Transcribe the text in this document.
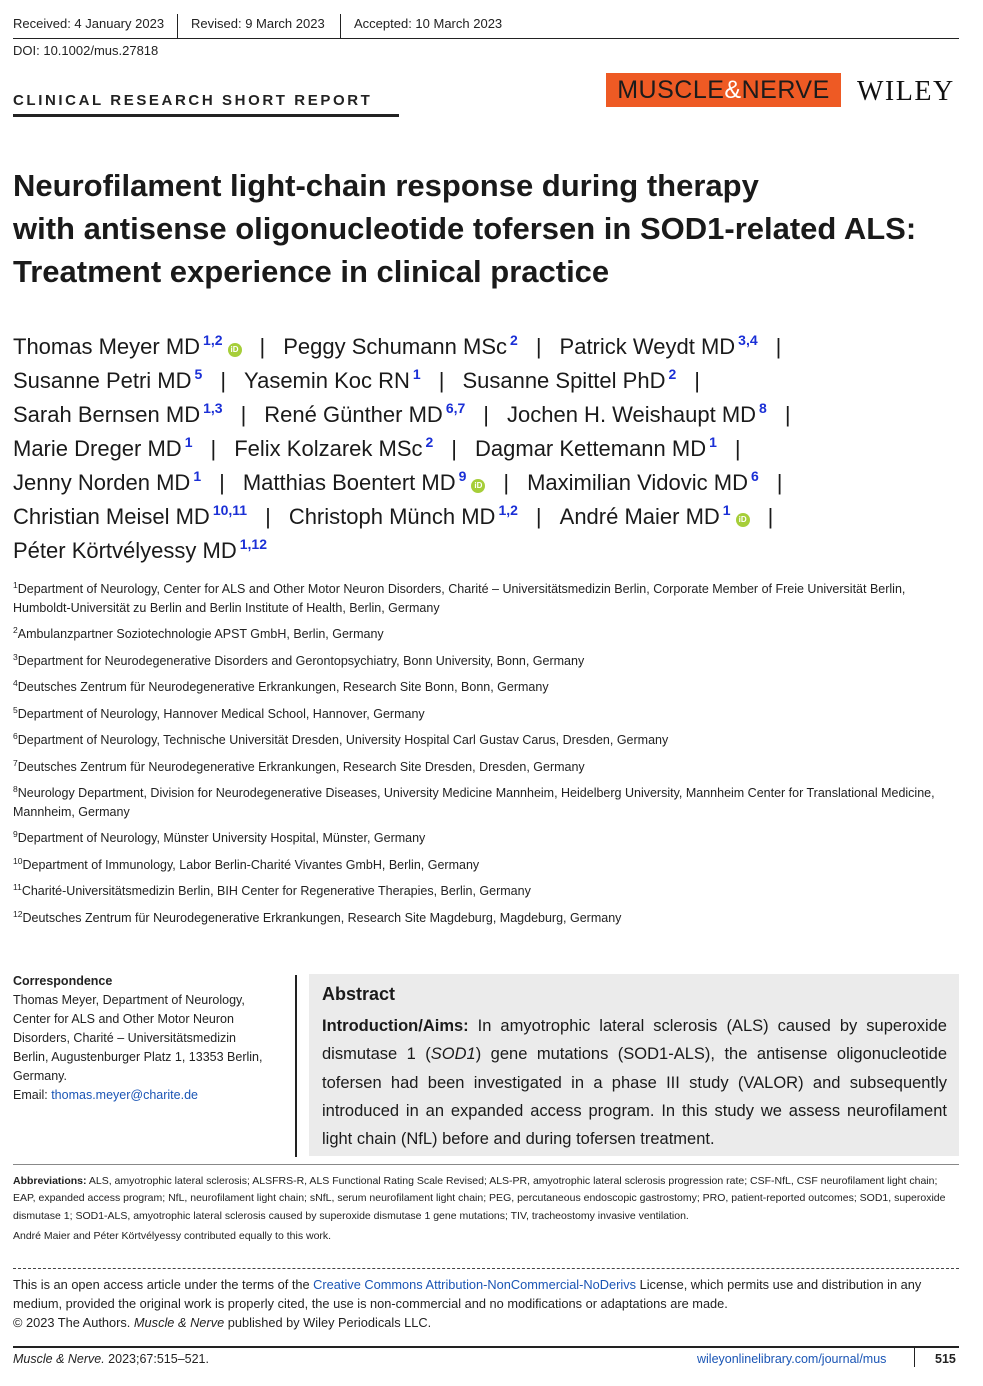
Received: 4 January 2023 Revised: 9 March 2023 Accepted: 10 March 2023
DOI: 10.1002/mus.27818
CLINICAL RESEARCH SHORT REPORT	MUSCLE&NERVE WILEY
Neurofilament light-chain response during therapy
with antisense oligonucleotide tofersen in SOD1-related ALS:
Treatment experience in clinical practice
Thomas Meyer MD $^{1,2}$iD | Peggy Schumann MSc $^2$ | Patrick Weydt MD $^{3,4}$ |
Susanne Petri MD $^5$ | Yasemin Koc RN $^1$ | Susanne Spittel PhD $^2$ |
Sarah Bernsen MD $^{1,3}$ | René Günther MD $^{6,7}$ | Jochen H. Weishaupt MD $^8$ |
Marie Dreger MD $^1$ | Felix Kolzarek MSc $^2$ | Dagmar Kettemann MD $^1$ |
Jenny Norden MD $^1$ | Matthias Boentert MD $^9$iD | Maximilian Vidovic MD $^6$ |
Christian Meisel MD $^{10,11}$ | Christoph Münch MD $^{1,2}$ | André Maier MD $^1$iD |
Péter Körtvélyessy MD $^{1,12}$

$^1$Department of Neurology, Center for ALS and Other Motor Neuron Disorders, Charité – Universitätsmedizin Berlin, Corporate Member of Freie Universität Berlin, Humboldt-Universität zu Berlin and Berlin Institute of Health, Berlin, Germany

$^2$Ambulanzpartner Soziotechnologie APST GmbH, Berlin, Germany

$^3$Department for Neurodegenerative Disorders and Gerontopsychiatry, Bonn University, Bonn, Germany

$^4$Deutsches Zentrum für Neurodegenerative Erkrankungen, Research Site Bonn, Bonn, Germany

$^5$Department of Neurology, Hannover Medical School, Hannover, Germany

$^6$Department of Neurology, Technische Universität Dresden, University Hospital Carl Gustav Carus, Dresden, Germany

$^7$Deutsches Zentrum für Neurodegenerative Erkrankungen, Research Site Dresden, Dresden, Germany

$^8$Neurology Department, Division for Neurodegenerative Diseases, University Medicine Mannheim, Heidelberg University, Mannheim Center for Translational Medicine, Mannheim, Germany

$^9$Department of Neurology, Münster University Hospital, Münster, Germany

$^{10}$Department of Immunology, Labor Berlin-Charité Vivantes GmbH, Berlin, Germany

$^{11}$Charité-Universitätsmedizin Berlin, BIH Center for Regenerative Therapies, Berlin, Germany

$^{12}$Deutsches Zentrum für Neurodegenerative Erkrankungen, Research Site Magdeburg, Magdeburg, Germany

Correspondence
Thomas Meyer, Department of Neurology,
Center for ALS and Other Motor Neuron
Disorders, Charité – Universitätsmedizin
Berlin, Augustenburger Platz 1, 13353 Berlin,
Germany.
Email: thomas.meyer@charite.de
Abstract
Introduction/Aims: In amyotrophic lateral sclerosis (ALS) caused by superoxide dismutase 1 (SOD1) gene mutations (SOD1-ALS), the antisense oligonucleotide tofersen had been investigated in a phase III study (VALOR) and subsequently introduced in an expanded access program. In this study we assess neurofilament light chain (NfL) before and during tofersen treatment.
Abbreviations: ALS, amyotrophic lateral sclerosis; ALSFRS-R, ALS Functional Rating Scale Revised; ALS-PR, amyotrophic lateral sclerosis progression rate; CSF-NfL, CSF neurofilament light chain; EAP, expanded access program; NfL, neurofilament light chain; sNfL, serum neurofilament light chain; PEG, percutaneous endoscopic gastrostomy; PRO, patient-reported outcomes; SOD1, superoxide dismutase 1; SOD1-ALS, amyotrophic lateral sclerosis caused by superoxide dismutase 1 gene mutations; TIV, tracheostomy invasive ventilation.
André Maier and Péter Körtvélyessy contributed equally to this work.
This is an open access article under the terms of the Creative Commons Attribution-NonCommercial-NoDerivs License, which permits use and distribution in any medium, provided the original work is properly cited, the use is non-commercial and no modifications or adaptations are made.
© 2023 The Authors. Muscle & Nerve published by Wiley Periodicals LLC.
Muscle & Nerve. 2023;67:515–521.	wileyonlinelibrary.com/journal/mus	515
